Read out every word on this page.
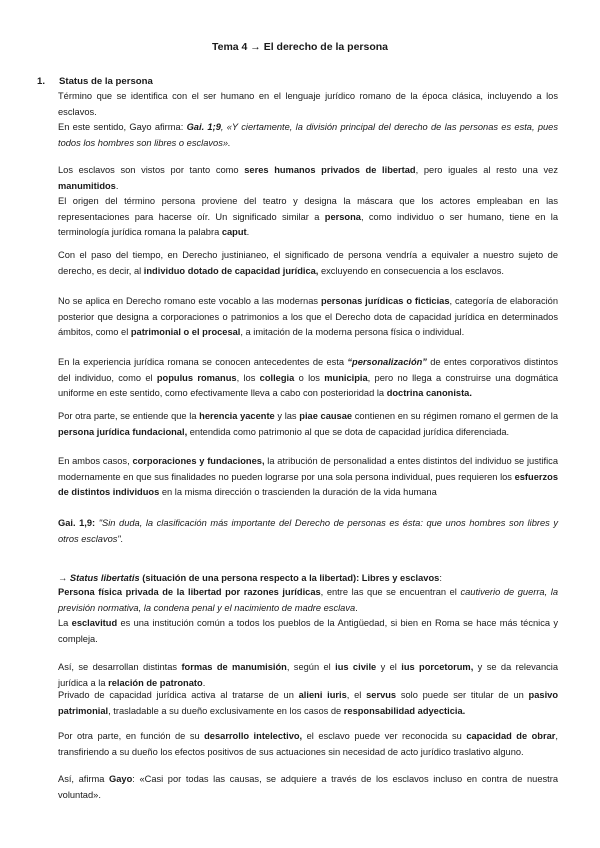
Tema 4 → El derecho de la persona
1. Status de la persona

Término que se identifica con el ser humano en el lenguaje jurídico romano de la época clásica, incluyendo a los esclavos.

En este sentido, Gayo afirma: Gai. 1;9, «Y ciertamente, la división principal del derecho de las personas es esta, pues todos los hombres son libres o esclavos».

Los esclavos son vistos por tanto como seres humanos privados de libertad, pero iguales al resto una vez manumitidos.

El origen del término persona proviene del teatro y designa la máscara que los actores empleaban en las representaciones para hacerse oír. Un significado similar a persona, como individuo o ser humano, tiene en la terminología jurídica romana la palabra caput.

Con el paso del tiempo, en Derecho justinianeo, el significado de persona vendría a equivaler a nuestro sujeto de derecho, es decir, al individuo dotado de capacidad jurídica, excluyendo en consecuencia a los esclavos.

No se aplica en Derecho romano este vocablo a las modernas personas jurídicas o ficticias, categoría de elaboración posterior que designa a corporaciones o patrimonios a los que el Derecho dota de capacidad jurídica en determinados ámbitos, como el patrimonial o el procesal, a imitación de la moderna persona física o individual.

En la experiencia jurídica romana se conocen antecedentes de esta “personalización” de entes corporativos distintos del individuo, como el populus romanus, los collegia o los municipia, pero no llega a construirse una dogmática uniforme en este sentido, como efectivamente lleva a cabo con posterioridad la doctrina canonista.

Por otra parte, se entiende que la herencia yacente y las piae causae contienen en su régimen romano el germen de la persona jurídica fundacional, entendida como patrimonio al que se dota de capacidad jurídica diferenciada.

En ambos casos, corporaciones y fundaciones, la atribución de personalidad a entes distintos del individuo se justifica modernamente en que sus finalidades no pueden lograrse por una sola persona individual, pues requieren los esfuerzos de distintos individuos en la misma dirección o trascienden la duración de la vida humana

Gai. 1,9: "Sin duda, la clasificación más importante del Derecho de personas es ésta: que unos hombres son libres y otros esclavos".

→ Status libertatis (situación de una persona respecto a la libertad): Libres y esclavos:

Persona física privada de la libertad por razones jurídicas, entre las que se encuentran el cautiverio de guerra, la previsión normativa, la condena penal y el nacimiento de madre esclava.

La esclavitud es una institución común a todos los pueblos de la Antigüedad, si bien en Roma se hace más técnica y compleja.

Así, se desarrollan distintas formas de manumisión, según el ius civile y el ius porcetorum, y se da relevancia jurídica a la relación de patronato.

Privado de capacidad jurídica activa al tratarse de un alieni iuris, el servus solo puede ser titular de un pasivo patrimonial, trasladable a su dueño exclusivamente en los casos de responsabilidad adyecticia.

Por otra parte, en función de su desarrollo intelectivo, el esclavo puede ver reconocida su capacidad de obrar, transfiriendo a su dueño los efectos positivos de sus actuaciones sin necesidad de acto jurídico traslativo alguno.

Así, afirma Gayo: «Casi por todas las causas, se adquiere a través de los esclavos incluso en contra de nuestra voluntad».
